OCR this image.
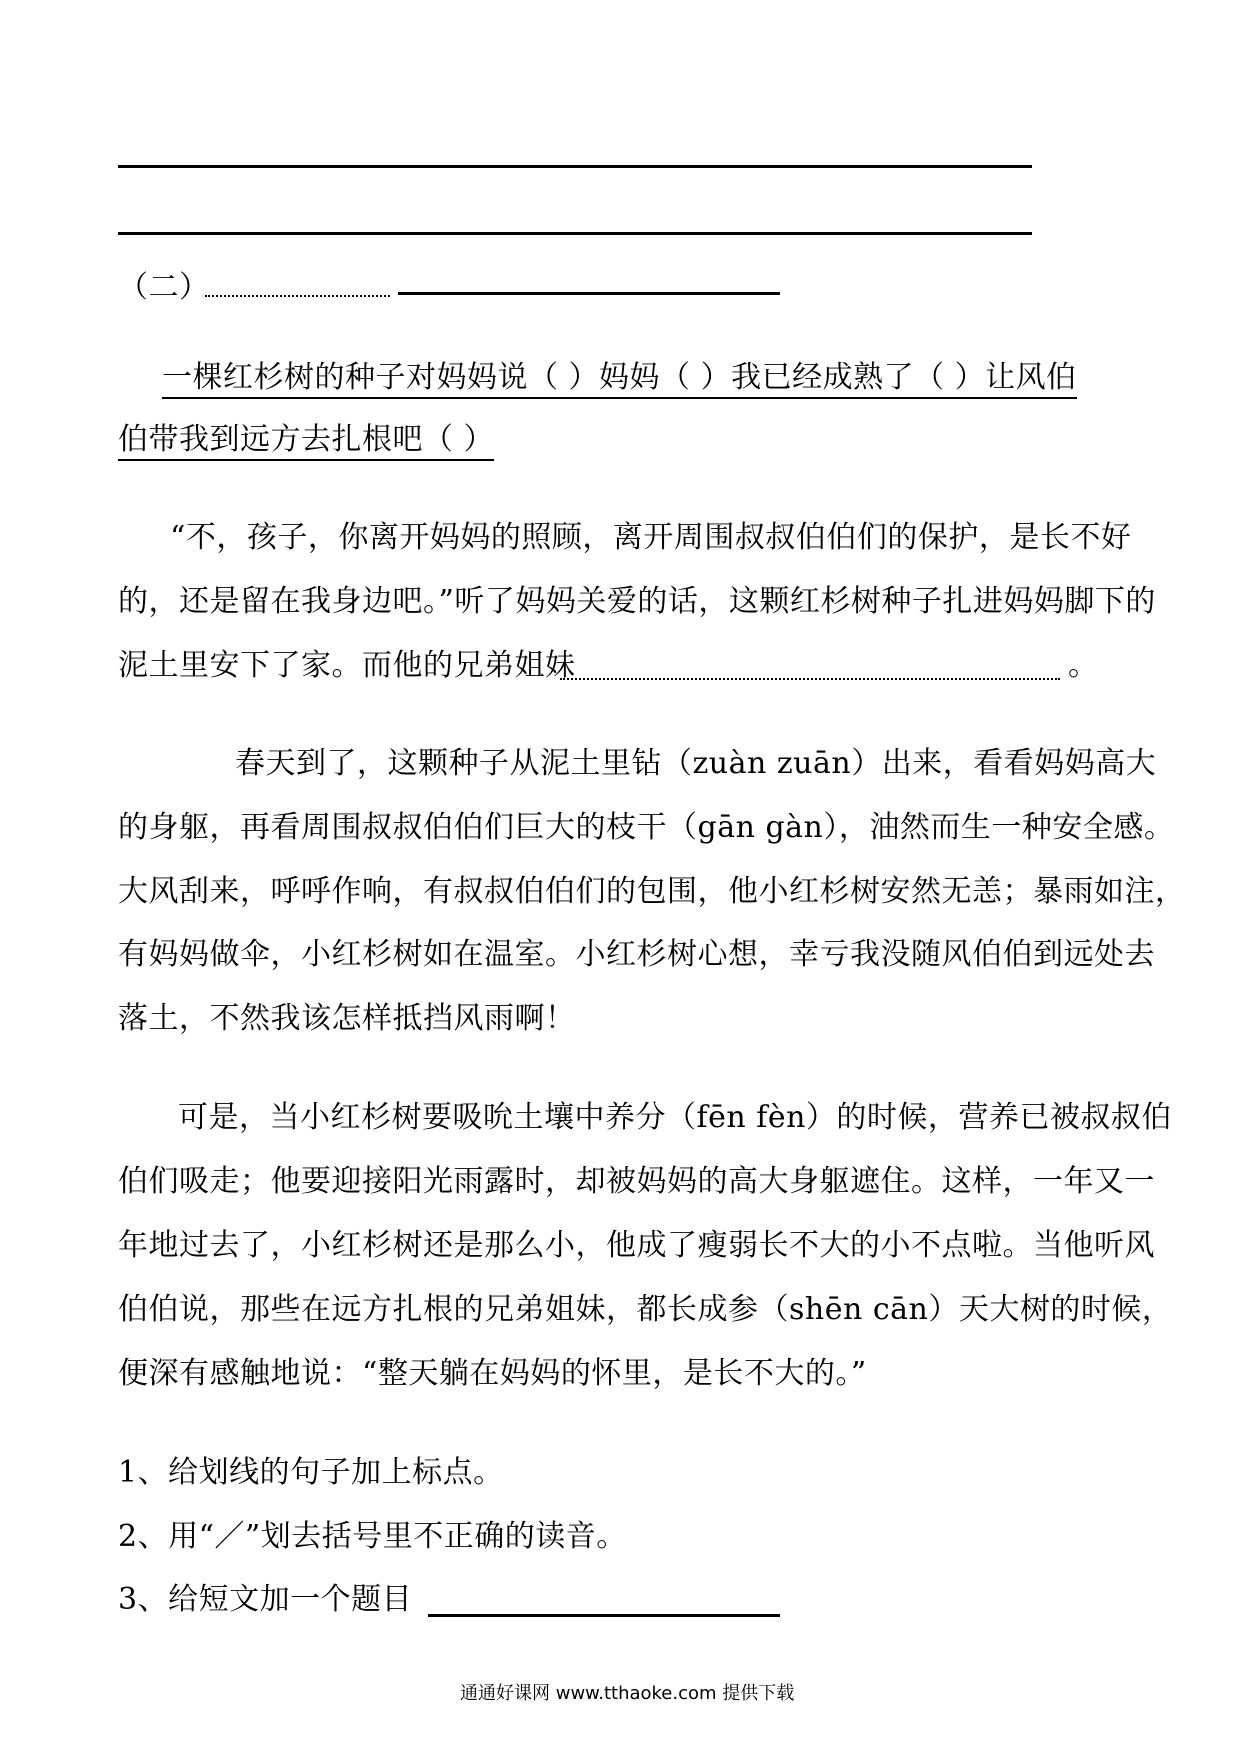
（二）
一棵红杉树的种子对妈妈说（ ）妈妈（ ）我已经成熟了（ ）让风伯
伯带我到远方去扎根吧（ ）
“不，孩子，你离开妈妈的照顾，离开周围叔叔伯伯们的保护，是长不好
的，还是留在我身边吧。”听了妈妈关爱的话，这颗红杉树种子扎进妈妈脚下的
泥土里安下了家。而他的兄弟姐妹	。
春天到了，这颗种子从泥土里钻（zuàn zuān）出来，看看妈妈高大
的身躯，再看周围叔叔伯伯们巨大的枝干（gān gàn），油然而生一种安全感。
大风刮来，呼呼作响，有叔叔伯伯们的包围，他小红杉树安然无恙；暴雨如注，
有妈妈做伞，小红杉树如在温室。小红杉树心想，幸亏我没随风伯伯到远处去
落土，不然我该怎样抵挡风雨啊！
可是，当小红杉树要吸吮土壤中养分（fēn fèn）的时候，营养已被叔叔伯
伯们吸走；他要迎接阳光雨露时，却被妈妈的高大身躯遮住。这样，一年又一
年地过去了，小红杉树还是那么小，他成了瘦弱长不大的小不点啦。当他听风
伯伯说，那些在远方扎根的兄弟姐妹，都长成参（shēn cān）天大树的时候，
便深有感触地说：“整天躺在妈妈的怀里，是长不大的。”
1、给划线的句子加上标点。
2、用“／”划去括号里不正确的读音。
3、给短文加一个题目
通通好课网 www.tthaoke.com 提供下载
